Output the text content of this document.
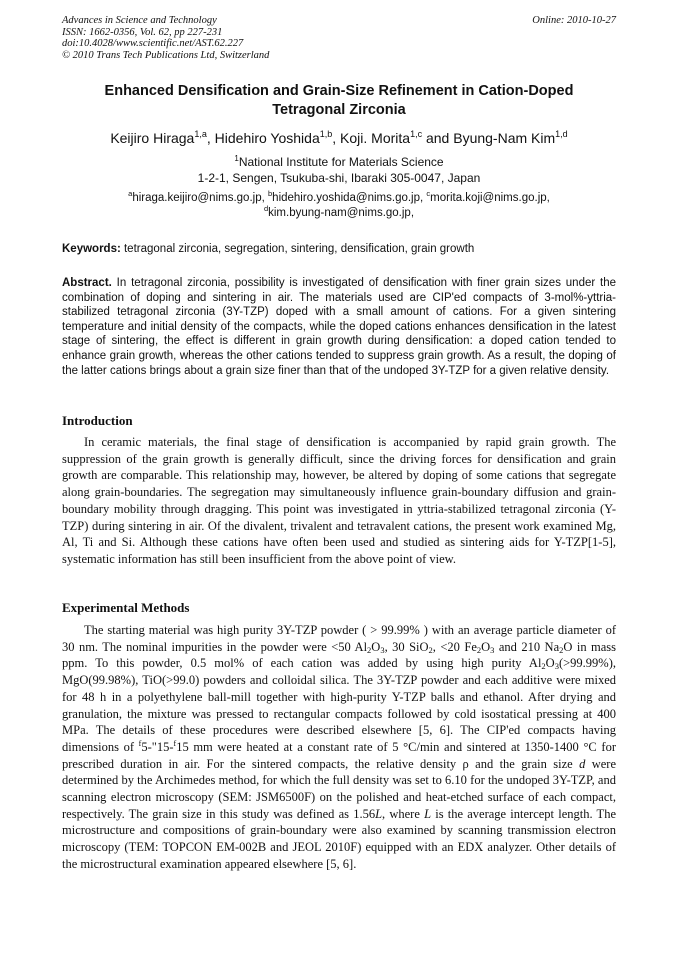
Advances in Science and Technology
ISSN: 1662-0356, Vol. 62, pp 227-231
doi:10.4028/www.scientific.net/AST.62.227
© 2010 Trans Tech Publications Ltd, Switzerland
Online: 2010-10-27
Enhanced Densification and Grain-Size Refinement in Cation-Doped
Tetragonal Zirconia
Keijiro Hiraga$^{1,a}$, Hidehiro Yoshida$^{1,b}$, Koji. Morita$^{1,c}$ and Byung-Nam Kim$^{1,d}$
$^1$National Institute for Materials Science
1-2-1, Sengen, Tsukuba-shi, Ibaraki 305-0047, Japan
$^a$hiraga.keijiro@nims.go.jp, $^b$hidehiro.yoshida@nims.go.jp, $^c$morita.koji@nims.go.jp,
$^d$kim.byung-nam@nims.go.jp,
Keywords: tetragonal zirconia, segregation, sintering, densification, grain growth
Abstract. In tetragonal zirconia, possibility is investigated of densification with finer grain sizes under the combination of doping and sintering in air. The materials used are CIP'ed compacts of 3-mol%-yttria-stabilized tetragonal zirconia (3Y-TZP) doped with a small amount of cations. For a given sintering temperature and initial density of the compacts, while the doped cations enhances densification in the latest stage of sintering, the effect is different in grain growth during densification: a doped cation tended to enhance grain growth, whereas the other cations tended to suppress grain growth. As a result, the doping of the latter cations brings about a grain size finer than that of the undoped 3Y-TZP for a given relative density.
Introduction
In ceramic materials, the final stage of densification is accompanied by rapid grain growth. The suppression of the grain growth is generally difficult, since the driving forces for densification and grain growth are comparable. This relationship may, however, be altered by doping of some cations that segregate along grain-boundaries. The segregation may simultaneously influence grain-boundary diffusion and grain-boundary mobility through dragging. This point was investigated in yttria-stabilized tetragonal zirconia (Y-TZP) during sintering in air. Of the divalent, trivalent and tetravalent cations, the present work examined Mg, Al, Ti and Si. Although these cations have often been used and studied as sintering aids for Y-TZP[1-5], systematic information has still been insufficient from the above point of view.
Experimental Methods
The starting material was high purity 3Y-TZP powder ( > 99.99% ) with an average particle diameter of 30 nm. The nominal impurities in the powder were <50 $Al_2O_3$, 30 SiO$_2$, <20 $Fe_2O_3$ and 210 $Na_2O$ in mass ppm. To this powder, 0.5 mol% of each cation was added by using high purity $Al_2O_3(>99.99\%)$, MgO(99.98%), TiO(>99.0) powders and colloidal silica. The 3Y-TZP powder and each additive were mixed for 48 h in a polyethylene ball-mill together with high-purity Y-TZP balls and ethanol. After drying and granulation, the mixture was pressed to rectangular compacts followed by cold isostatical pressing at 400 MPa. The details of these procedures were described elsewhere [5, 6]. The CIP'ed compacts having dimensions of $^f$5-"15-$^f$15 mm were heated at a constant rate of 5 °C/min and sintered at 1350-1400 °C for prescribed duration in air. For the sintered compacts, the relative density ρ and the grain size d were determined by the Archimedes method, for which the full density was set to 6.10 for the undoped 3Y-TZP, and scanning electron microscopy (SEM: JSM6500F) on the polished and heat-etched surface of each compact, respectively. The grain size in this study was defined as 1.56L, where L is the average intercept length. The microstructure and compositions of grain-boundary were also examined by scanning transmission electron microscopy (TEM: TOPCON EM-002B and JEOL 2010F) equipped with an EDX analyzer. Other details of the microstructural examination appeared elsewhere [5, 6].
